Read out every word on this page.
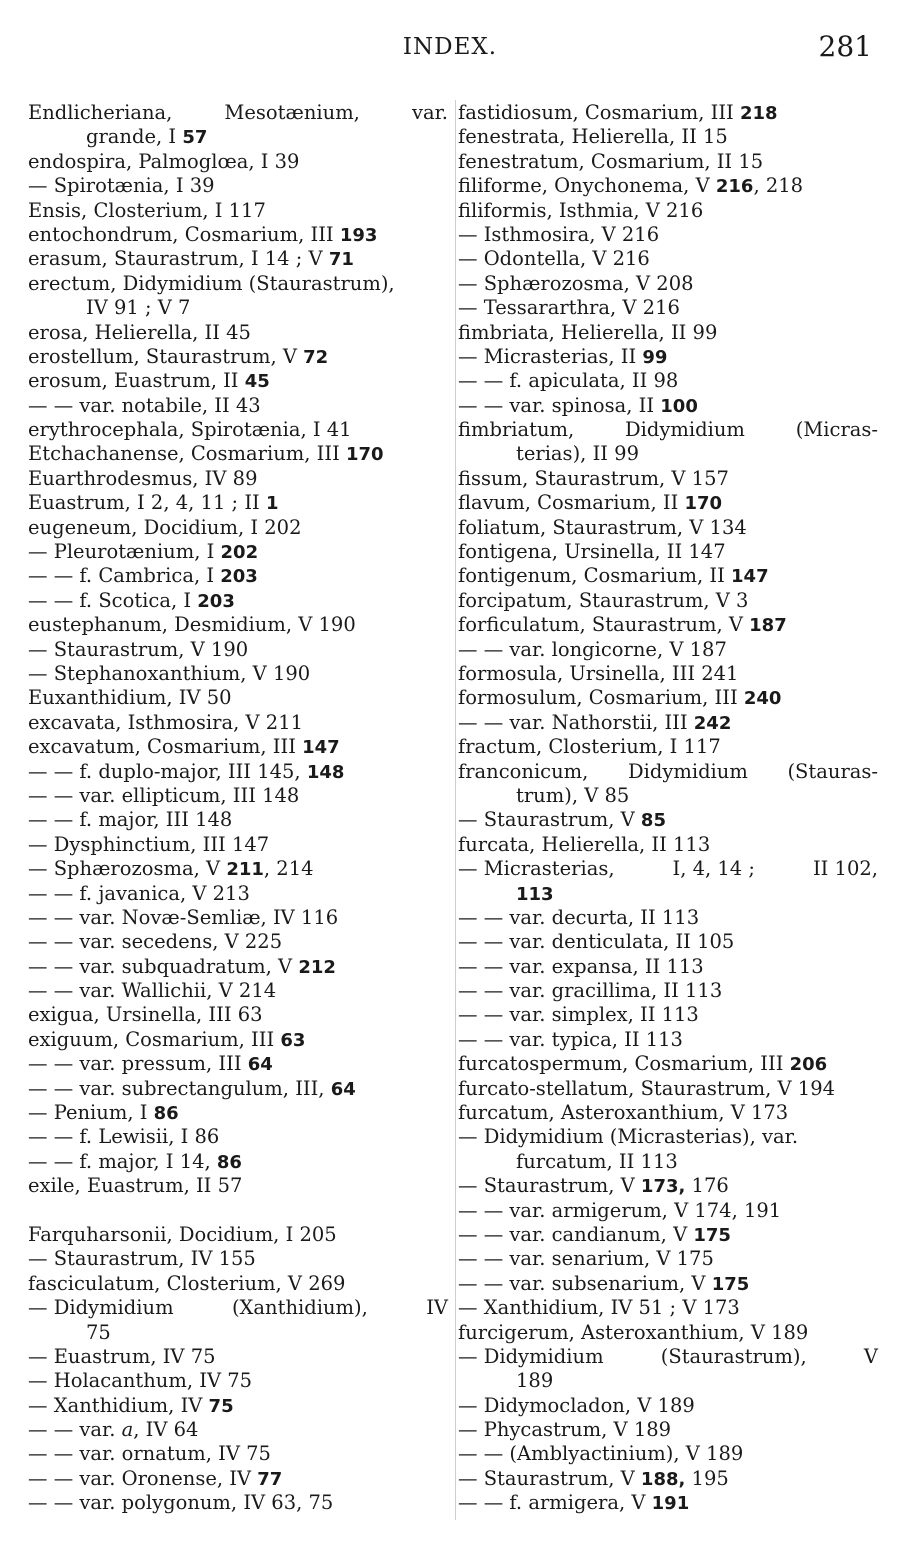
INDEX.	281
Endlicheriana,	Mesotænium,	var.
grande, I 57
endospira, Palmoglœa, I 39
— Spirotænia, I 39
Ensis, Closterium, I 117
entochondrum, Cosmarium, III 193
erasum, Staurastrum, I 14 ; V 71
erectum, Didymidium (Staurastrum),
IV 91 ; V 7
erosa, Helierella, II 45
erostellum, Staurastrum, V 72
erosum, Euastrum, II 45
— — var. notabile, II 43
erythrocephala, Spirotænia, I 41
Etchachanense, Cosmarium, III 170
Euarthrodesmus, IV 89
Euastrum, I 2, 4, 11 ; II 1
eugeneum, Docidium, I 202
— Pleurotænium, I 202
— — f. Cambrica, I 203
— — f. Scotica, I 203
eustephanum, Desmidium, V 190
— Staurastrum, V 190
— Stephanoxanthium, V 190
Euxanthidium, IV 50
excavata, Isthmosira, V 211
excavatum, Cosmarium, III 147
— — f. duplo-major, III 145, 148
— — var. ellipticum, III 148
— — f. major, III 148
— Dysphinctium, III 147
— Sphærozosma, V 211, 214
— — f. javanica, V 213
— — var. Novæ-Semliæ, IV 116
— — var. secedens, V 225
— — var. subquadratum, V 212
— — var. Wallichii, V 214
exigua, Ursinella, III 63
exiguum, Cosmarium, III 63
— — var. pressum, III 64
— — var. subrectangulum, III, 64
— Penium, I 86
— — f. Lewisii, I 86
— — f. major, I 14, 86
exile, Euastrum, II 57
Farquharsonii, Docidium, I 205
— Staurastrum, IV 155
fasciculatum, Closterium, V 269
— Didymidium	(Xanthidium),	IV
75
— Euastrum, IV 75
— Holacanthum, IV 75
— Xanthidium, IV 75
— — var. a, IV 64
— — var. ornatum, IV 75
— — var. Oronense, IV 77
— — var. polygonum, IV 63, 75
fastidiosum, Cosmarium, III 218
fenestrata, Helierella, II 15
fenestratum, Cosmarium, II 15
filiforme, Onychonema, V 216, 218
filiformis, Isthmia, V 216
— Isthmosira, V 216
— Odontella, V 216
— Sphærozosma, V 208
— Tessararthra, V 216
fimbriata, Helierella, II 99
— Micrasterias, II 99
— — f. apiculata, II 98
— — var. spinosa, II 100
fimbriatum,	Didymidium	(Micras-
terias), II 99
fissum, Staurastrum, V 157
flavum, Cosmarium, II 170
foliatum, Staurastrum, V 134
fontigena, Ursinella, II 147
fontigenum, Cosmarium, II 147
forcipatum, Staurastrum, V 3
forficulatum, Staurastrum, V 187
— — var. longicorne, V 187
formosula, Ursinella, III 241
formosulum, Cosmarium, III 240
— — var. Nathorstii, III 242
fractum, Closterium, I 117
franconicum, Didymidium (Stauras-
trum), V 85
— Staurastrum, V 85
furcata, Helierella, II 113
— Micrasterias,	I, 4, 14 ;	II 102,
113
— — var. decurta, II 113
— — var. denticulata, II 105
— — var. expansa, II 113
— — var. gracillima, II 113
— — var. simplex, II 113
— — var. typica, II 113
furcatospermum, Cosmarium, III 206
furcato-stellatum, Staurastrum, V 194
furcatum, Asteroxanthium, V 173
— Didymidium (Micrasterias), var.
furcatum, II 113
— Staurastrum, V 173, 176
— — var. armigerum, V 174, 191
— — var. candianum, V 175
— — var. senarium, V 175
— — var. subsenarium, V 175
— Xanthidium, IV 51 ; V 173
furcigerum, Asteroxanthium, V 189
— Didymidium	(Staurastrum),	V
189
— Didymocladon, V 189
— Phycastrum, V 189
— — (Amblyactinium), V 189
— Staurastrum, V 188, 195
— — f. armigera, V 191
